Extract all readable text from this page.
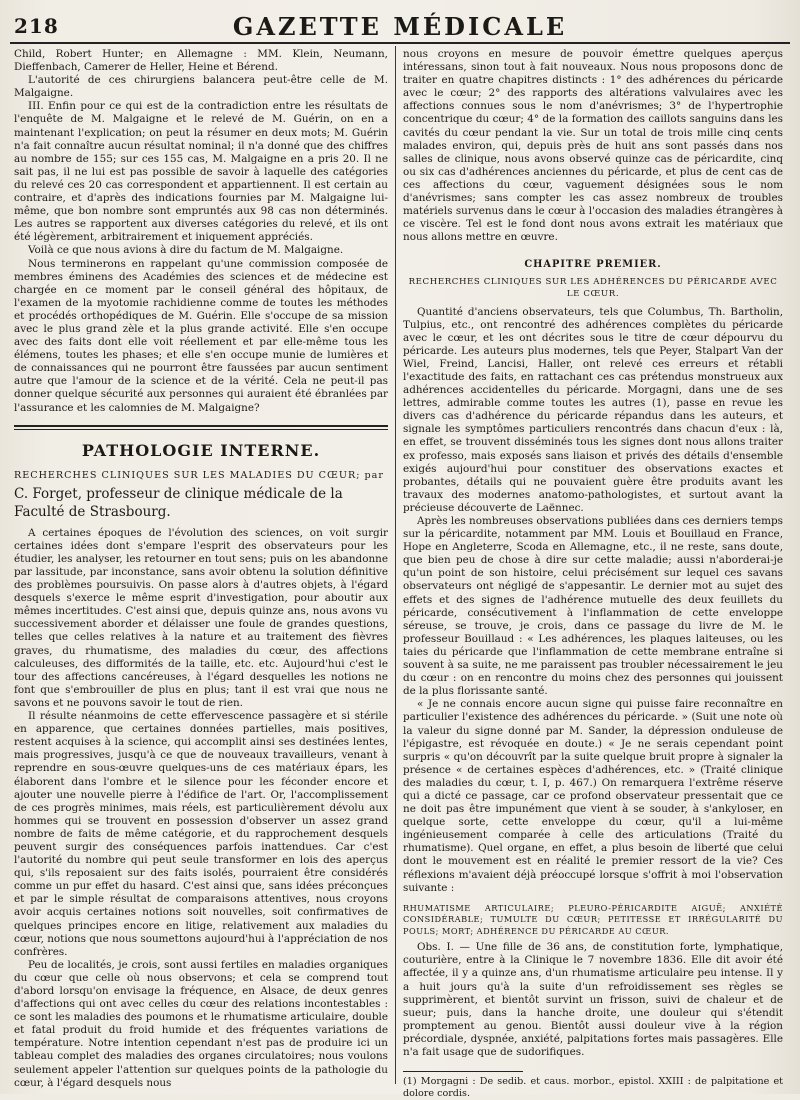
218	GAZETTE MÉDICALE

Child, Robert Hunter; en Allemagne : MM. Klein, Neumann, Dieffenbach, Camerer de Heller, Heine et Bérend.

L'autorité de ces chirurgiens balancera peut-être celle de M. Malgaigne.

III. Enfin pour ce qui est de la contradiction entre les résultats de l'enquête de M. Malgaigne et le relevé de M. Guérin, on en a maintenant l'explication; on peut la résumer en deux mots; M. Guérin n'a fait connaître aucun résultat nominal; il n'a donné que des chiffres au nombre de 155; sur ces 155 cas, M. Malgaigne en a pris 20. Il ne sait pas, il ne lui est pas possible de savoir à laquelle des catégories du relevé ces 20 cas correspondent et appartiennent. Il est certain au contraire, et d'après des indications fournies par M. Malgaigne lui-même, que bon nombre sont empruntés aux 98 cas non déterminés. Les autres se rapportent aux diverses catégories du relevé, et ils ont été légèrement, arbitrairement et iniquement appréciés.

Voilà ce que nous avions à dire du factum de M. Malgaigne.

Nous terminerons en rappelant qu'une commission composée de membres éminens des Académies des sciences et de médecine est chargée en ce moment par le conseil général des hôpitaux, de l'examen de la myotomie rachidienne comme de toutes les méthodes et procédés orthopédiques de M. Guérin. Elle s'occupe de sa mission avec le plus grand zèle et la plus grande activité. Elle s'en occupe avec des faits dont elle voit réellement et par elle-même tous les élémens, toutes les phases; et elle s'en occupe munie de lumières et de connaissances qui ne pourront être faussées par aucun sentiment autre que l'amour de la science et de la vérité. Cela ne peut-il pas donner quelque sécurité aux personnes qui auraient été ébranlées par l'assurance et les calomnies de M. Malgaigne?

PATHOLOGIE INTERNE.
RECHERCHES CLINIQUES SUR LES MALADIES DU CŒUR; par
C. Forget, professeur de clinique médicale de la Faculté de Strasbourg.

A certaines époques de l'évolution des sciences, on voit surgir certaines idées dont s'empare l'esprit des observateurs pour les étudier, les analyser, les retourner en tout sens; puis on les abandonne par lassitude, par inconstance, sans avoir obtenu la solution définitive des problèmes poursuivis. On passe alors à d'autres objets, à l'égard desquels s'exerce le même esprit d'investigation, pour aboutir aux mêmes incertitudes. C'est ainsi que, depuis quinze ans, nous avons vu successivement aborder et délaisser une foule de grandes questions, telles que celles relatives à la nature et au traitement des fièvres graves, du rhumatisme, des maladies du cœur, des affections calculeuses, des difformités de la taille, etc. etc. Aujourd'hui c'est le tour des affections cancéreuses, à l'égard desquelles les notions ne font que s'embrouiller de plus en plus; tant il est vrai que nous ne savons et ne pouvons savoir le tout de rien.

Il résulte néanmoins de cette effervescence passagère et si stérile en apparence, que certaines données partielles, mais positives, restent acquises à la science, qui accomplit ainsi ses destinées lentes, mais progressives, jusqu'à ce que de nouveaux travailleurs, venant à reprendre en sous-œuvre quelques-uns de ces matériaux épars, les élaborent dans l'ombre et le silence pour les féconder encore et ajouter une nouvelle pierre à l'édifice de l'art. Or, l'accomplissement de ces progrès minimes, mais réels, est particulièrement dévolu aux hommes qui se trouvent en possession d'observer un assez grand nombre de faits de même catégorie, et du rapprochement desquels peuvent surgir des conséquences parfois inattendues. Car c'est l'autorité du nombre qui peut seule transformer en lois des aperçus qui, s'ils reposaient sur des faits isolés, pourraient être considérés comme un pur effet du hasard. C'est ainsi que, sans idées préconçues et par le simple résultat de comparaisons attentives, nous croyons avoir acquis certaines notions soit nouvelles, soit confirmatives de quelques principes encore en litige, relativement aux maladies du cœur, notions que nous soumettons aujourd'hui à l'appréciation de nos confrères.

Peu de localités, je crois, sont aussi fertiles en maladies organiques du cœur que celle où nous observons; et cela se comprend tout d'abord lorsqu'on envisage la fréquence, en Alsace, de deux genres d'affections qui ont avec celles du cœur des relations incontestables : ce sont les maladies des poumons et le rhumatisme articulaire, double et fatal produit du froid humide et des fréquentes variations de température. Notre intention cependant n'est pas de produire ici un tableau complet des maladies des organes circulatoires; nous voulons seulement appeler l'attention sur quelques points de la pathologie du cœur, à l'égard desquels nous

nous croyons en mesure de pouvoir émettre quelques aperçus intéressans, sinon tout à fait nouveaux. Nous nous proposons donc de traiter en quatre chapitres distincts : 1° des adhérences du péricarde avec le cœur; 2° des rapports des altérations valvulaires avec les affections connues sous le nom d'anévrismes; 3° de l'hypertrophie concentrique du cœur; 4° de la formation des caillots sanguins dans les cavités du cœur pendant la vie. Sur un total de trois mille cinq cents malades environ, qui, depuis près de huit ans sont passés dans nos salles de clinique, nous avons observé quinze cas de péricardite, cinq ou six cas d'adhérences anciennes du péricarde, et plus de cent cas de ces affections du cœur, vaguement désignées sous le nom d'anévrismes; sans compter les cas assez nombreux de troubles matériels survenus dans le cœur à l'occasion des maladies étrangères à ce viscère. Tel est le fond dont nous avons extrait les matériaux que nous allons mettre en œuvre.

CHAPITRE PREMIER.
RECHERCHES CLINIQUES SUR LES ADHÉRENCES DU PÉRICARDE AVEC LE CŒUR.

Quantité d'anciens observateurs, tels que Columbus, Th. Bartholin, Tulpius, etc., ont rencontré des adhérences complètes du péricarde avec le cœur, et les ont décrites sous le titre de cœur dépourvu du péricarde. Les auteurs plus modernes, tels que Peyer, Stalpart Van der Wiel, Freind, Lancisi, Haller, ont relevé ces erreurs et rétabli l'exactitude des faits, en rattachant ces cas prétendus monstrueux aux adhérences accidentelles du péricarde. Morgagni, dans une de ses lettres, admirable comme toutes les autres (1), passe en revue les divers cas d'adhérence du péricarde répandus dans les auteurs, et signale les symptômes particuliers rencontrés dans chacun d'eux : là, en effet, se trouvent disséminés tous les signes dont nous allons traiter ex professo, mais exposés sans liaison et privés des détails d'ensemble exigés aujourd'hui pour constituer des observations exactes et probantes, détails qui ne pouvaient guère être produits avant les travaux des modernes anatomo-pathologistes, et surtout avant la précieuse découverte de Laënnec.

Après les nombreuses observations publiées dans ces derniers temps sur la péricardite, notamment par MM. Louis et Bouillaud en France, Hope en Angleterre, Scoda en Allemagne, etc., il ne reste, sans doute, que bien peu de chose à dire sur cette maladie; aussi n'aborderai-je qu'un point de son histoire, celui précisément sur lequel ces savans observateurs ont négligé de s'appesantir. Le dernier mot au sujet des effets et des signes de l'adhérence mutuelle des deux feuillets du péricarde, consécutivement à l'inflammation de cette enveloppe séreuse, se trouve, je crois, dans ce passage du livre de M. le professeur Bouillaud : « Les adhérences, les plaques laiteuses, ou les taies du péricarde que l'inflammation de cette membrane entraîne si souvent à sa suite, ne me paraissent pas troubler nécessairement le jeu du cœur : on en rencontre du moins chez des personnes qui jouissent de la plus florissante santé.

« Je ne connais encore aucun signe qui puisse faire reconnaître en particulier l'existence des adhérences du péricarde. » (Suit une note où la valeur du signe donné par M. Sander, la dépression onduleuse de l'épigastre, est révoquée en doute.) « Je ne serais cependant point surpris « qu'on découvrît par la suite quelque bruit propre à signaler la présence « de certaines espèces d'adhérences, etc. » (Traité clinique des maladies du cœur, t. I, p. 467.) On remarquera l'extrême réserve qui a dicté ce passage, car ce profond observateur pressentait que ce ne doit pas être impunément que vient à se souder, à s'ankyloser, en quelque sorte, cette enveloppe du cœur, qu'il a lui-même ingénieusement comparée à celle des articulations (Traité du rhumatisme). Quel organe, en effet, a plus besoin de liberté que celui dont le mouvement est en réalité le premier ressort de la vie? Ces réflexions m'avaient déjà préoccupé lorsque s'offrit à moi l'observation suivante :

RHUMATISME ARTICULAIRE; PLEURO-PÉRICARDITE AIGUË; ANXIÉTÉ CONSIDÉRABLE; TUMULTE DU CŒUR; PETITESSE ET IRRÉGULARITÉ DU POULS; MORT; ADHÉRENCE DU PÉRICARDE AU CŒUR.

Obs. I. — Une fille de 36 ans, de constitution forte, lymphatique, couturière, entre à la Clinique le 7 novembre 1836. Elle dit avoir été affectée, il y a quinze ans, d'un rhumatisme articulaire peu intense. Il y a huit jours qu'à la suite d'un refroidissement ses règles se supprimèrent, et bientôt survint un frisson, suivi de chaleur et de sueur; puis, dans la hanche droite, une douleur qui s'étendit promptement au genou. Bientôt aussi douleur vive à la région précordiale, dyspnée, anxiété, palpitations fortes mais passagères. Elle n'a fait usage que de sudorifiques.

(1) Morgagni : De sedib. et caus. morbor., epistol. XXIII : de palpitatione et dolore cordis.
